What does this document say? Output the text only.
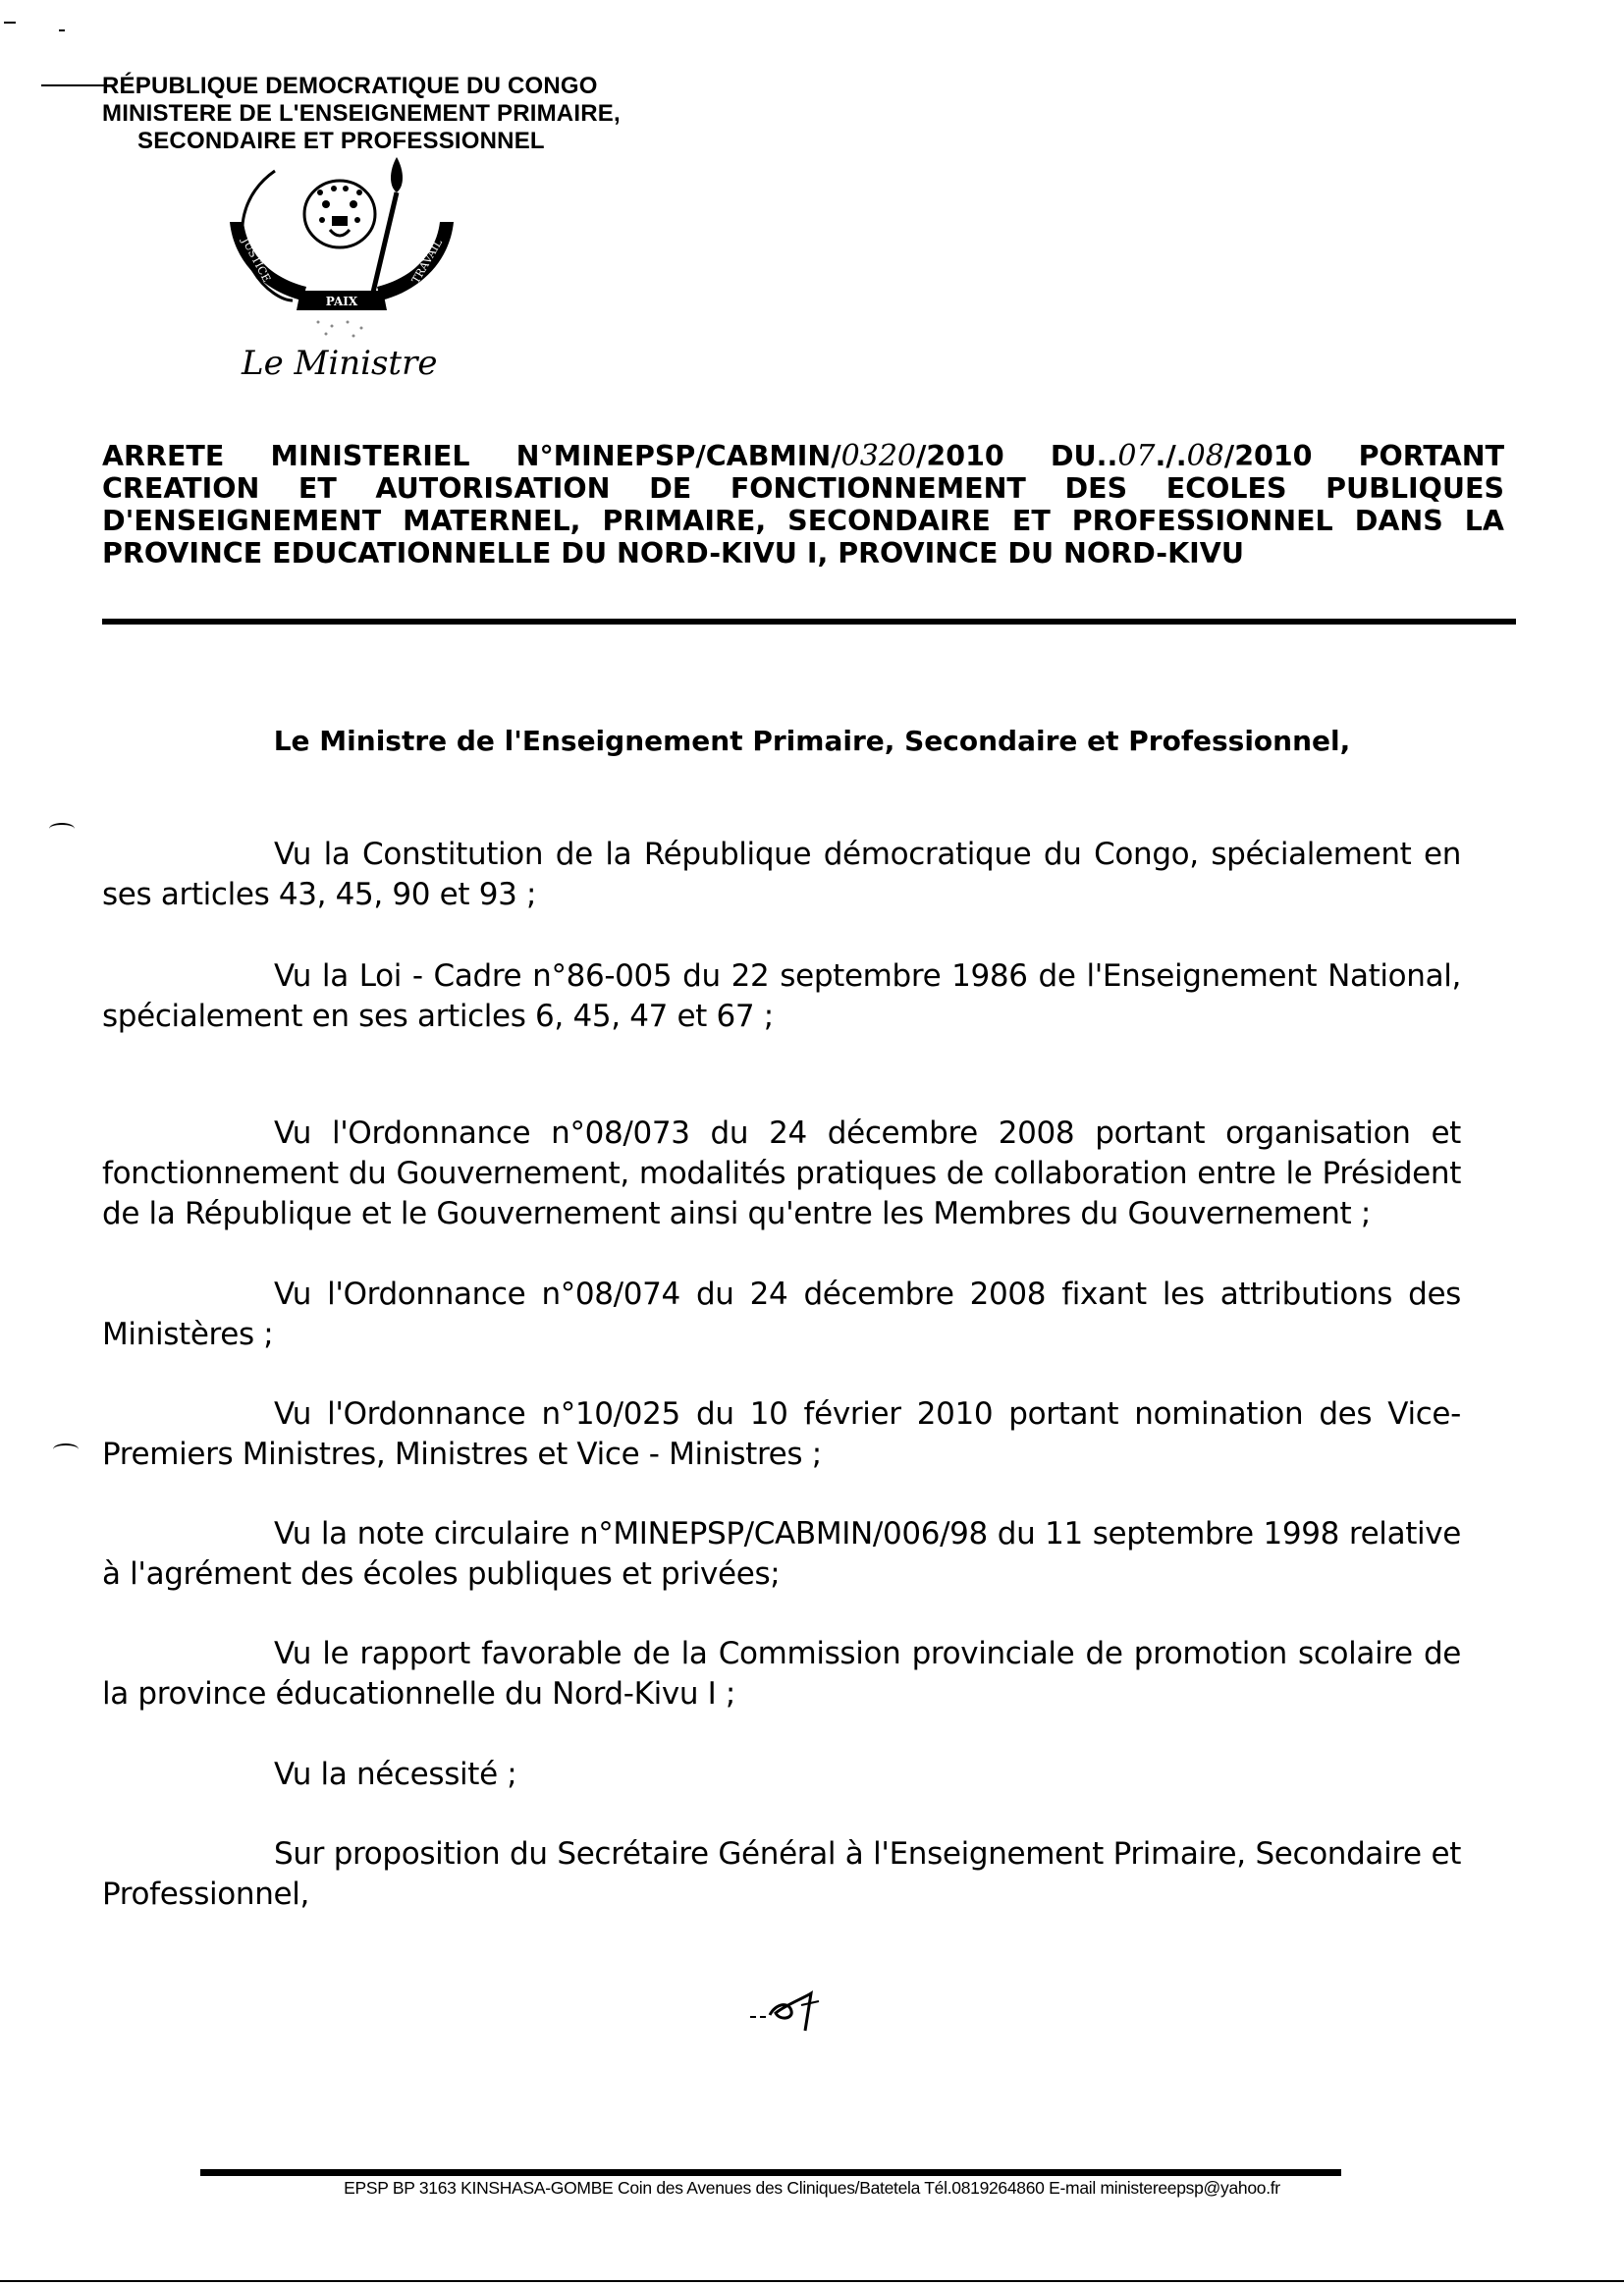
RÉPUBLIQUE DEMOCRATIQUE DU CONGO
MINISTERE DE L'ENSEIGNEMENT PRIMAIRE,
SECONDAIRE ET PROFESSIONNEL
JUSTICE	TRAVAIL
PAIX
Le Ministre
ARRETE MINISTERIEL N°MINEPSP/CABMIN/0320/2010 DU..07./.08/2010 PORTANT CREATION ET AUTORISATION DE FONCTIONNEMENT DES ECOLES PUBLIQUES D'ENSEIGNEMENT MATERNEL, PRIMAIRE, SECONDAIRE ET PROFESSIONNEL DANS LA PROVINCE EDUCATIONNELLE DU NORD-KIVU I, PROVINCE DU NORD-KIVU
Le Ministre de l'Enseignement Primaire, Secondaire et Professionnel,
Vu la Constitution de la République démocratique du Congo, spécialement en ses articles 43, 45, 90 et 93 ;
Vu la Loi - Cadre n°86-005 du 22 septembre 1986 de l'Enseignement National, spécialement en ses articles 6, 45, 47 et 67 ;
Vu l'Ordonnance n°08/073 du 24 décembre 2008 portant organisation et fonctionnement du Gouvernement, modalités pratiques de collaboration entre le Président de la République et le Gouvernement ainsi qu'entre les Membres du Gouvernement ;
Vu l'Ordonnance n°08/074 du 24 décembre 2008 fixant les attributions des Ministères ;
Vu l'Ordonnance n°10/025 du 10 février 2010 portant nomination des Vice-Premiers Ministres, Ministres et Vice - Ministres ;
Vu la note circulaire n°MINEPSP/CABMIN/006/98 du 11 septembre 1998 relative à l'agrément des écoles publiques et privées;
Vu le rapport favorable de la Commission provinciale de promotion scolaire de la province éducationnelle du Nord-Kivu I ;
Vu la nécessité ;
Sur proposition du Secrétaire Général à l'Enseignement Primaire, Secondaire et Professionnel,
EPSP BP 3163 KINSHASA-GOMBE Coin des Avenues des Cliniques/Batetela Tél.0819264860 E-mail ministereepsp@yahoo.fr
